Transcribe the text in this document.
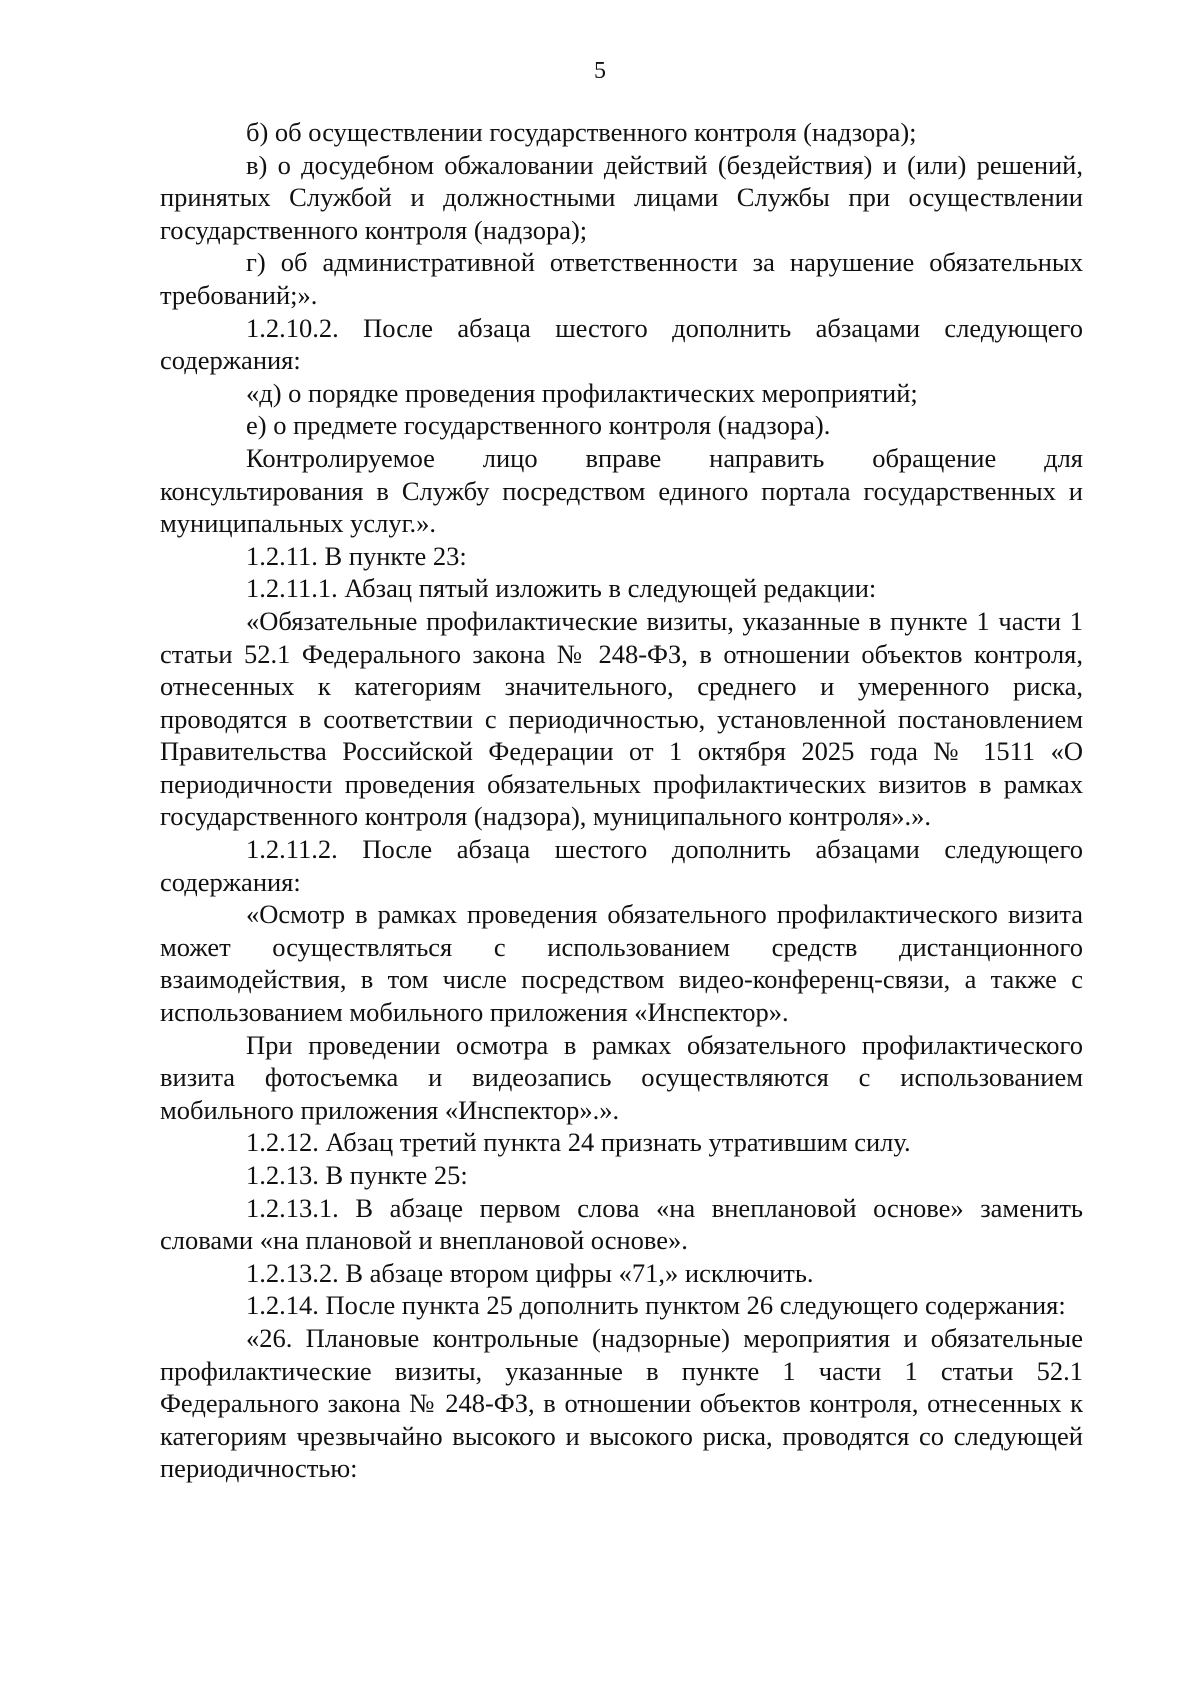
5

б) об осуществлении государственного контроля (надзора);

в) о досудебном обжаловании действий (бездействия) и (или) решений, принятых Службой и должностными лицами Службы при осуществлении государственного контроля (надзора);

г) об административной ответственности за нарушение обязательных требований;».

1.2.10.2. После абзаца шестого дополнить абзацами следующего содержания:

«д) о порядке проведения профилактических мероприятий;

е) о предмете государственного контроля (надзора).

Контролируемое лицо вправе направить обращение для консультирования в Службу посредством единого портала государственных и муниципальных услуг.».

1.2.11. В пункте 23:

1.2.11.1. Абзац пятый изложить в следующей редакции:

«Обязательные профилактические визиты, указанные в пункте 1 части 1 статьи 52.1 Федерального закона № 248-ФЗ, в отношении объектов контроля, отнесенных к категориям значительного, среднего и умеренного риска, проводятся в соответствии с периодичностью, установленной постановлением Правительства Российской Федерации от 1 октября 2025 года № 1511 «О периодичности проведения обязательных профилактических визитов в рамках государственного контроля (надзора), муниципального контроля».».

1.2.11.2. После абзаца шестого дополнить абзацами следующего содержания:

«Осмотр в рамках проведения обязательного профилактического визита может осуществляться с использованием средств дистанционного взаимодействия, в том числе посредством видео-конференц-связи, а также с использованием мобильного приложения «Инспектор».

При проведении осмотра в рамках обязательного профилактического визита фотосъемка и видеозапись осуществляются с использованием мобильного приложения «Инспектор».».

1.2.12. Абзац третий пункта 24 признать утратившим силу.

1.2.13. В пункте 25:

1.2.13.1. В абзаце первом слова «на внеплановой основе» заменить словами «на плановой и внеплановой основе».

1.2.13.2. В абзаце втором цифры «71,» исключить.

1.2.14. После пункта 25 дополнить пунктом 26 следующего содержания:

«26. Плановые контрольные (надзорные) мероприятия и обязательные профилактические визиты, указанные в пункте 1 части 1 статьи 52.1 Федерального закона № 248-ФЗ, в отношении объектов контроля, отнесенных к категориям чрезвычайно высокого и высокого риска, проводятся со следующей периодичностью:
